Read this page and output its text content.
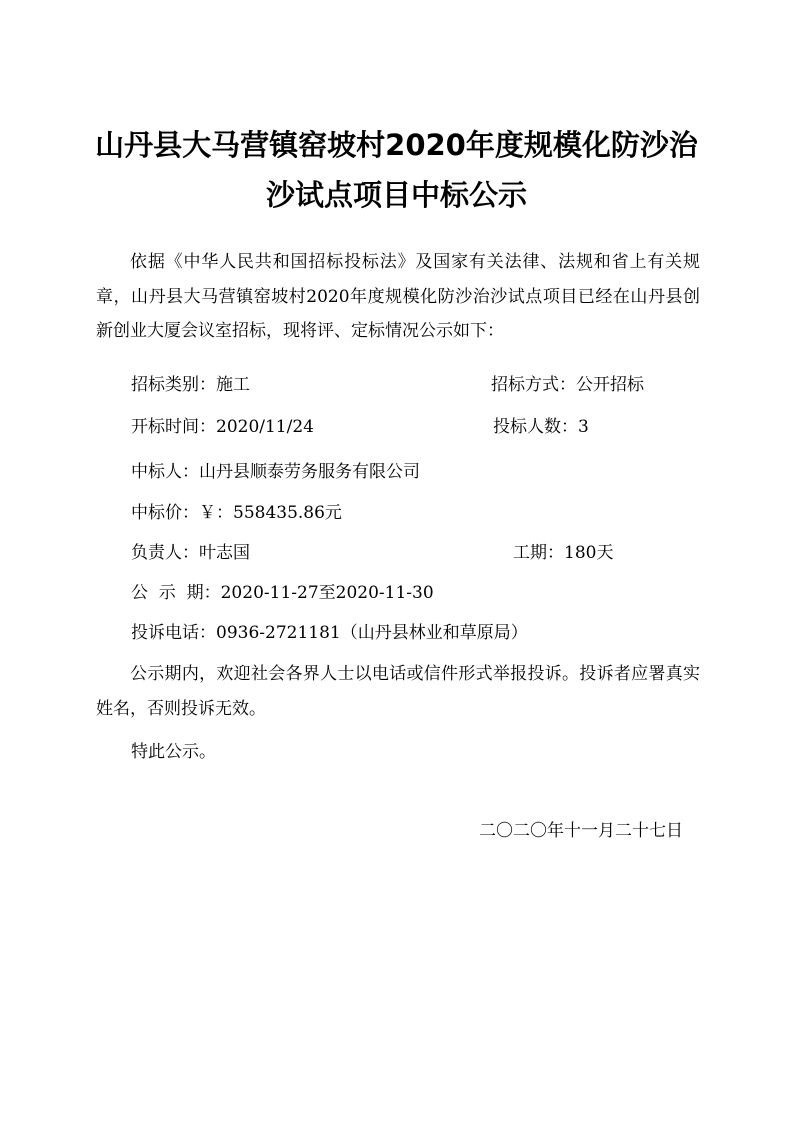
山丹县大马营镇窑坡村2020年度规模化防沙治
沙试点项目中标公示
依据《中华人民共和国招标投标法》及国家有关法律、法规和省上有关规章，山丹县大马营镇窑坡村2020年度规模化防沙治沙试点项目已经在山丹县创新创业大厦会议室招标，现将评、定标情况公示如下：
招标类别：施工	招标方式：公开招标
开标时间：2020/11/24	投标人数：3
中标人：山丹县顺泰劳务服务有限公司
中标价：￥：558435.86元
负责人：叶志国	工期：180天
公  示  期：2020-11-27至2020-11-30
投诉电话：0936-2721181（山丹县林业和草原局）
公示期内，欢迎社会各界人士以电话或信件形式举报投诉。投诉者应署真实姓名，否则投诉无效。
特此公示。
二〇二〇年十一月二十七日
